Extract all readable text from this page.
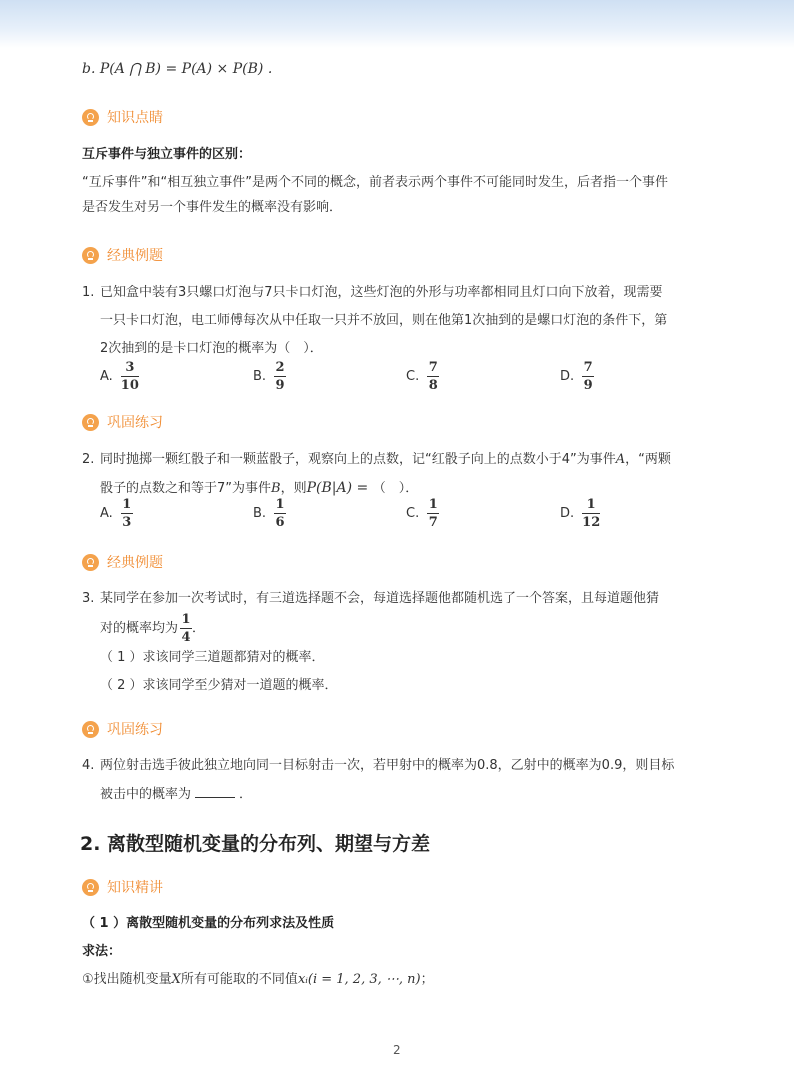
b. P(A ⋂ B) = P(A) × P(B) .
知识点睛
互斥事件与独立事件的区别：
“互斥事件”和“相互独立事件”是两个不同的概念，前者表示两个事件不可能同时发生，后者指一个事件
是否发生对另一个事件发生的概率没有影响．
经典例题
1. 已知盒中装有3只螺口灯泡与7只卡口灯泡，这些灯泡的外形与功率都相同且灯口向下放着，现需要
一只卡口灯泡，电工师傅每次从中任取一只并不放回，则在他第1次抽到的是螺口灯泡的条件下，第
2次抽到的是卡口灯泡的概率为（　）．
A. $\frac{3}{10}$	B. $\frac{2}{9}$	C. $\frac{7}{8}$	D. $\frac{7}{9}$
巩固练习
2. 同时抛掷一颗红骰子和一颗蓝骰子，观察向上的点数，记“红骰子向上的点数小于4”为事件A，“两颗
骰子的点数之和等于7”为事件B，则P(B|A) = （　）．
A. $\frac{1}{3}$	B. $\frac{1}{6}$	C. $\frac{1}{7}$	D. $\frac{1}{12}$
经典例题
3. 某同学在参加一次考试时，有三道选择题不会，每道选择题他都随机选了一个答案，且每道题他猜
对的概率均为 $\frac{1}{4}$ ．
（ 1 ）求该同学三道题都猜对的概率．
（ 2 ）求该同学至少猜对一道题的概率．
巩固练习
4. 两位射击选手彼此独立地向同一目标射击一次，若甲射中的概率为0.8，乙射中的概率为0.9，则目标
被击中的概率为	．
2. 离散型随机变量的分布列、期望与方差
知识精讲
（ 1 ）离散型随机变量的分布列求法及性质
求法：
①找出随机变量X所有可能取的不同值xᵢ(i = 1, 2, 3, ⋯, n)；
2
